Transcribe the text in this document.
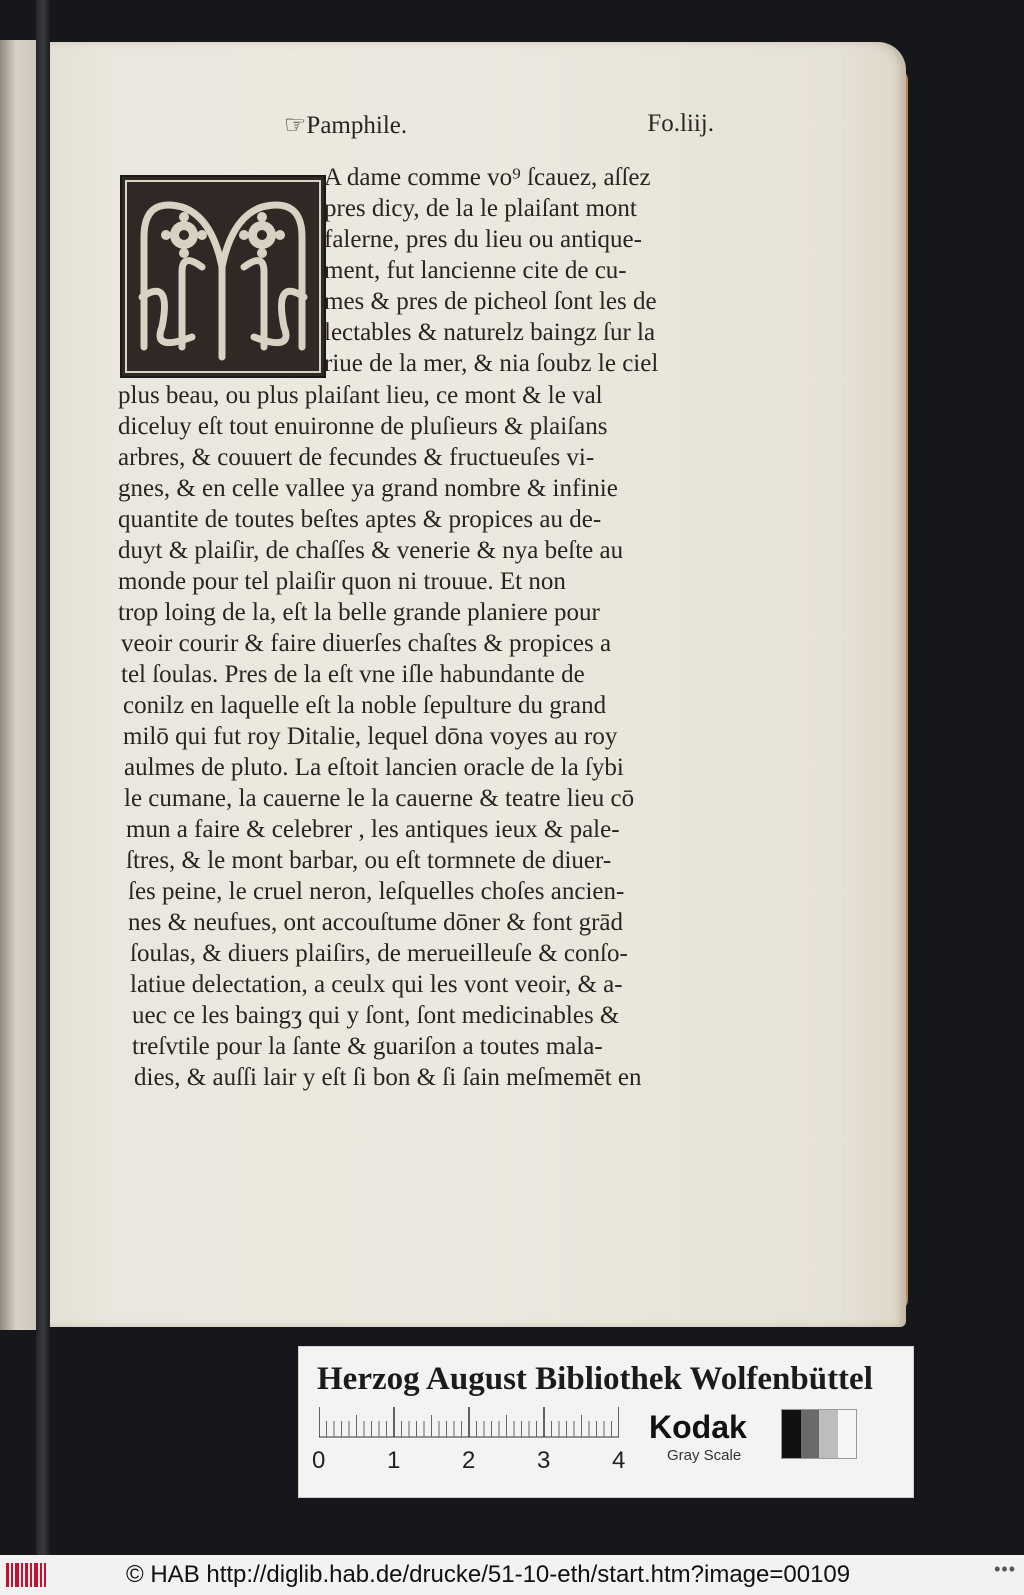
☞Pamphile.	Fo.liij.
A dame comme vo⁹ ſcauez, aſſez
pres dicy, de la le plaiſant mont
falerne, pres du lieu ou antique-
ment, fut lancienne cite de cu-
mes & pres de picheol ſont les de
lectables & naturelz baingz ſur la
riue de la mer, & nia ſoubz le ciel
plus beau, ou plus plaiſant lieu, ce mont & le val
diceluy eſt tout enuironne de pluſieurs & plaiſans
arbres, & couuert de fecundes & fructueuſes vi-
gnes, & en celle vallee ya grand nombre & infinie
quantite de toutes beſtes aptes & propices au de-
duyt & plaiſir, de chaſſes & venerie & nya beſte au
monde pour tel plaiſir quon ni trouue. Et non
trop loing de la, eſt la belle grande planiere pour
veoir courir & faire diuerſes chaſtes & propices a
tel ſoulas. Pres de la eſt vne iſle habundante de
conilz en laquelle eſt la noble ſepulture du grand
milō qui fut roy Ditalie, lequel dōna voyes au roy
aulmes de pluto. La eſtoit lancien oracle de la ſybi
le cumane, la cauerne le la cauerne & teatre lieu cō
mun a faire & celebrer , les antiques ieux & pale-
ſtres, & le mont barbar, ou eſt tormnete de diuer-
ſes peine, le cruel neron, leſquelles choſes ancien-
nes & neufues, ont accouſtume dōner & font grād
ſoulas, & diuers plaiſirs, de merueilleuſe & conſo-
latiue delectation, a ceulx qui les vont veoir, & a-
uec ce les baingʒ qui y ſont, ſont medicinables &
treſvtile pour la ſante & guariſon a toutes mala-
dies, & auſſi lair y eſt ſi bon & ſi ſain meſmemēt en
Herzog August Bibliothek Wolfenbüttel
0	1	2	3	4
Kodak
Gray Scale
© HAB http://diglib.hab.de/drucke/51-10-eth/start.htm?image=00109	•••
